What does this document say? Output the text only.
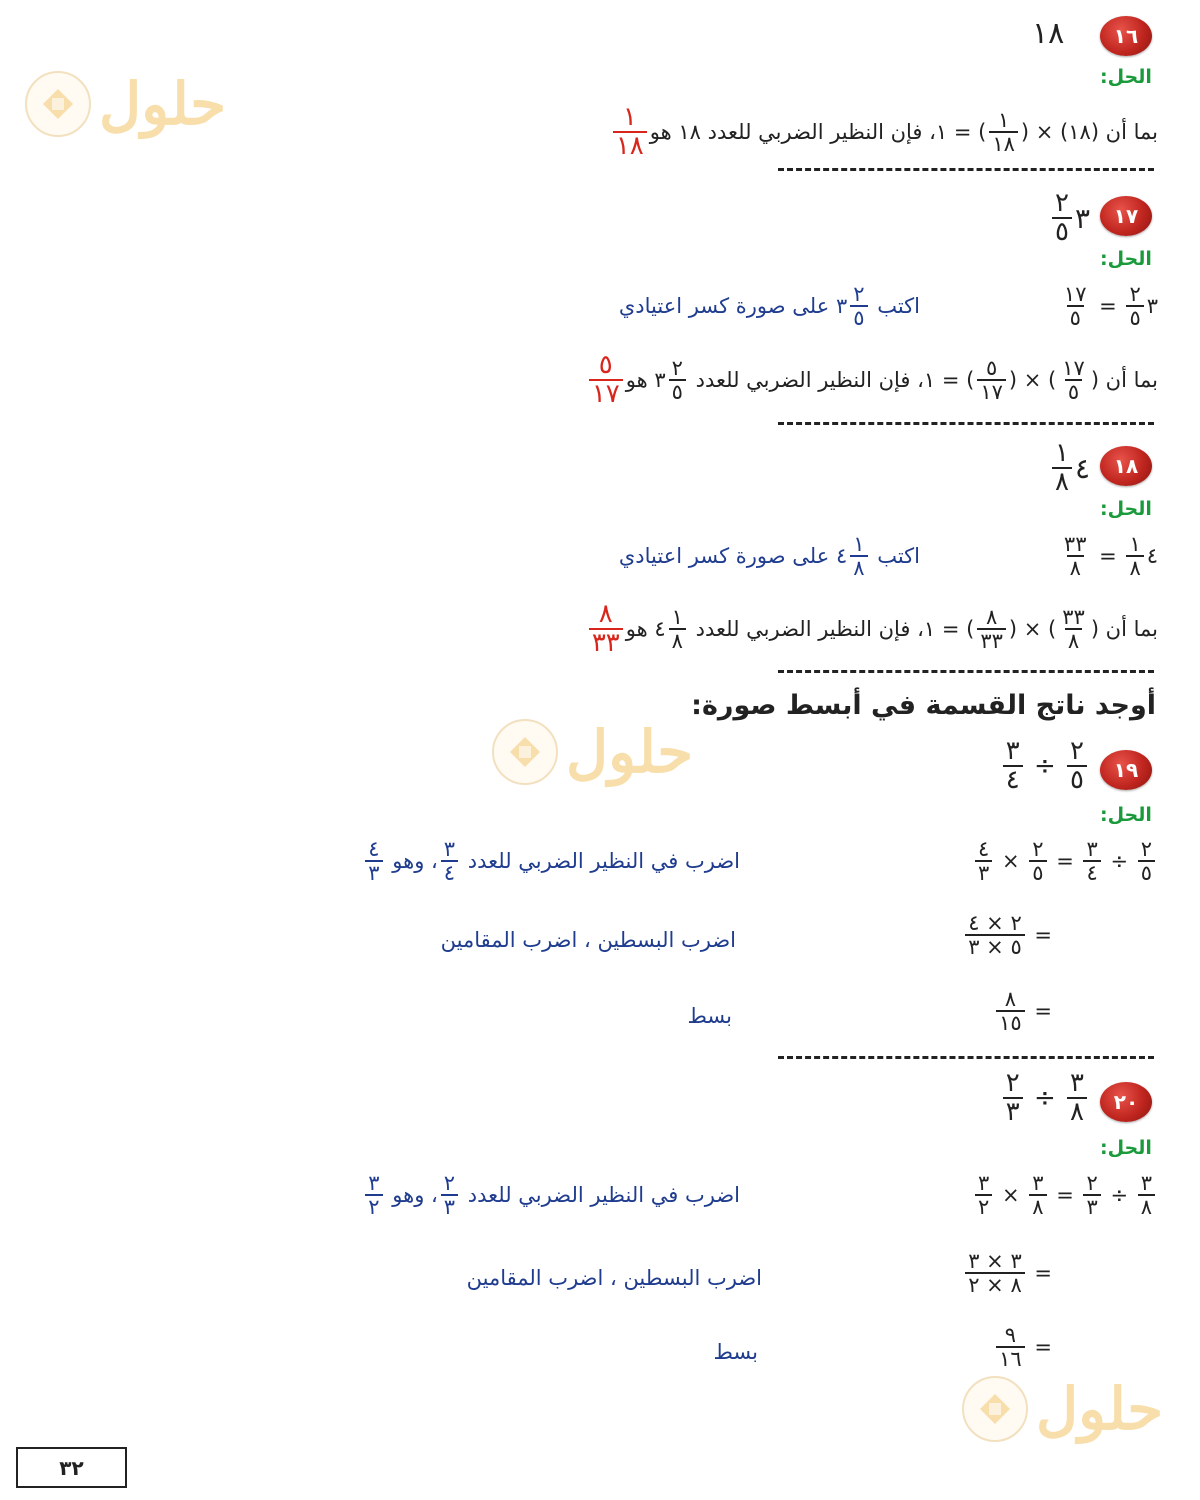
حلول
حلول
حلول
١٦
١٨
الحل:
بما أن (١٨) × (
$\frac{١}{١٨}$
) = ١، فإن النظير الضربي للعدد ١٨ هو
$\frac{١}{١٨}$
١٧
٣
$\frac{٢}{٥}$
الحل:
٣
$\frac{٢}{٥}$
=
$\frac{١٧}{٥}$
اكتب

$\frac{٢}{٥}$
٣

على صورة كسر اعتيادي
بما أن (
$\frac{١٧}{٥}$
) × (
$\frac{٥}{١٧}$
) = ١، فإن النظير الضربي للعدد

$\frac{٢}{٥}$
٣

هو
$\frac{٥}{١٧}$
١٨
٤
$\frac{١}{٨}$
الحل:
٤
$\frac{١}{٨}$
=
$\frac{٣٣}{٨}$
اكتب

$\frac{١}{٨}$
٤

على صورة كسر اعتيادي
بما أن (
$\frac{٣٣}{٨}$
) × (
$\frac{٨}{٣٣}$
) = ١، فإن النظير الضربي للعدد

$\frac{١}{٨}$
٤

هو
$\frac{٨}{٣٣}$
أوجد ناتج القسمة في أبسط صورة:
١٩
$\frac{٢}{٥}$
÷
$\frac{٣}{٤}$
الحل:
$\frac{٢}{٥}$
÷
$\frac{٣}{٤}$
=
$\frac{٢}{٥}$
×
$\frac{٤}{٣}$
اضرب في النظير الضربي للعدد

$\frac{٣}{٤}$
، وهو

$\frac{٤}{٣}$
=
$\frac{٢ \times ٤}{٥ \times ٣}$
اضرب البسطين ، اضرب المقامين
=
$\frac{٨}{١٥}$
بسط
٢٠
$\frac{٣}{٨}$
÷
$\frac{٢}{٣}$
الحل:
$\frac{٣}{٨}$
÷
$\frac{٢}{٣}$
=
$\frac{٣}{٨}$
×
$\frac{٣}{٢}$
اضرب في النظير الضربي للعدد

$\frac{٢}{٣}$
، وهو

$\frac{٣}{٢}$
=
$\frac{٣ \times ٣}{٨ \times ٢}$
اضرب البسطين ، اضرب المقامين
=
$\frac{٩}{١٦}$
بسط
٣٢
